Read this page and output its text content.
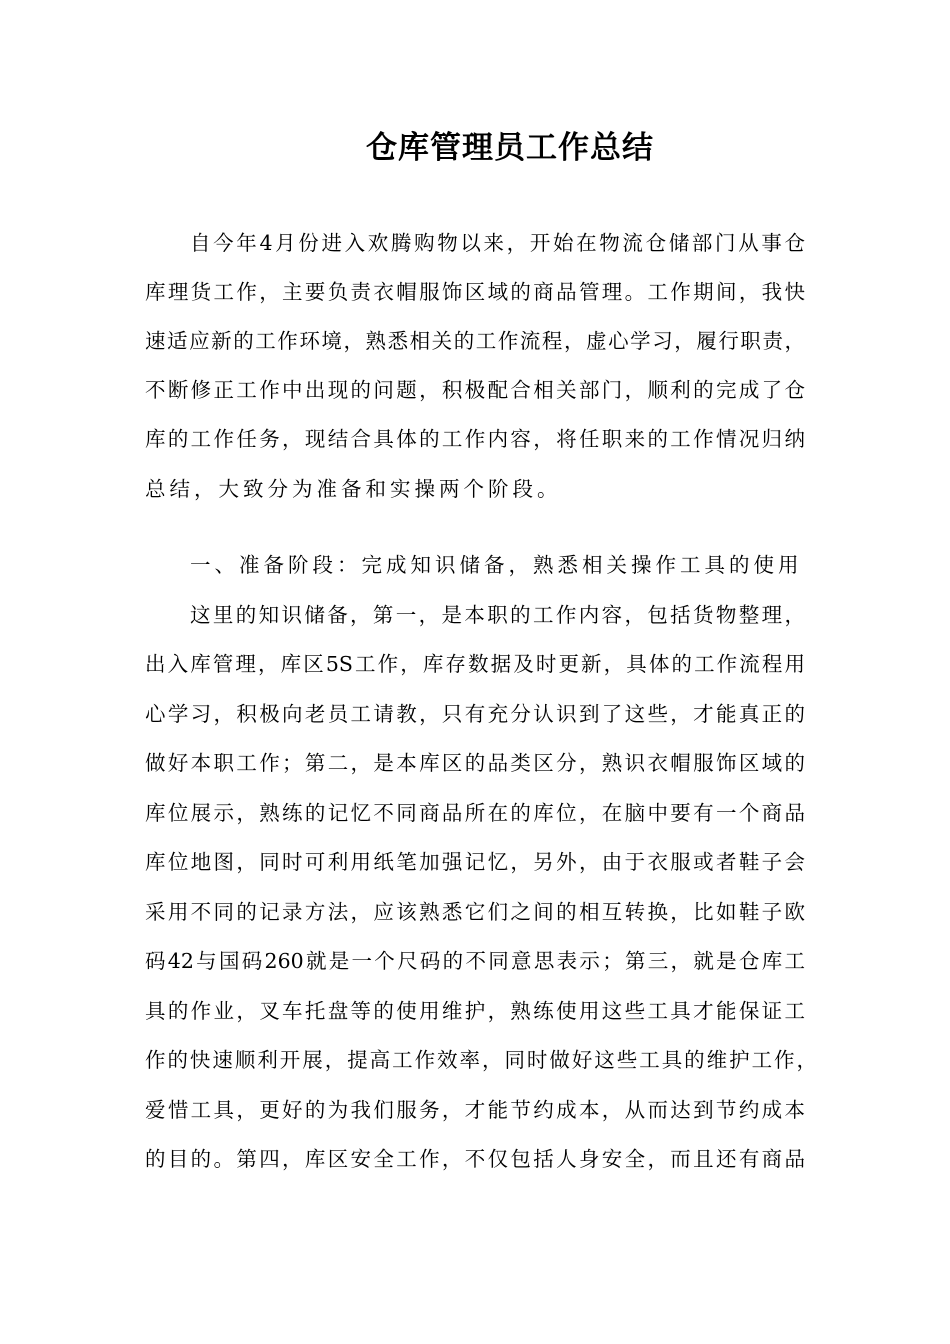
仓库管理员工作总结
自今年4月份进入欢腾购物以来，开始在物流仓储部门从事仓
库理货工作，主要负责衣帽服饰区域的商品管理。工作期间，我快
速适应新的工作环境，熟悉相关的工作流程，虚心学习，履行职责，
不断修正工作中出现的问题，积极配合相关部门，顺利的完成了仓
库的工作任务，现结合具体的工作内容，将任职来的工作情况归纳
总结，大致分为准备和实操两个阶段。
一、准备阶段：完成知识储备，熟悉相关操作工具的使用
这里的知识储备，第一，是本职的工作内容，包括货物整理，
出入库管理，库区5S工作，库存数据及时更新，具体的工作流程用
心学习，积极向老员工请教，只有充分认识到了这些，才能真正的
做好本职工作；第二，是本库区的品类区分，熟识衣帽服饰区域的
库位展示，熟练的记忆不同商品所在的库位，在脑中要有一个商品
库位地图，同时可利用纸笔加强记忆，另外，由于衣服或者鞋子会
采用不同的记录方法，应该熟悉它们之间的相互转换，比如鞋子欧
码42与国码260就是一个尺码的不同意思表示；第三，就是仓库工
具的作业，叉车托盘等的使用维护，熟练使用这些工具才能保证工
作的快速顺利开展，提高工作效率，同时做好这些工具的维护工作，
爱惜工具，更好的为我们服务，才能节约成本，从而达到节约成本
的目的。第四，库区安全工作，不仅包括人身安全，而且还有商品
